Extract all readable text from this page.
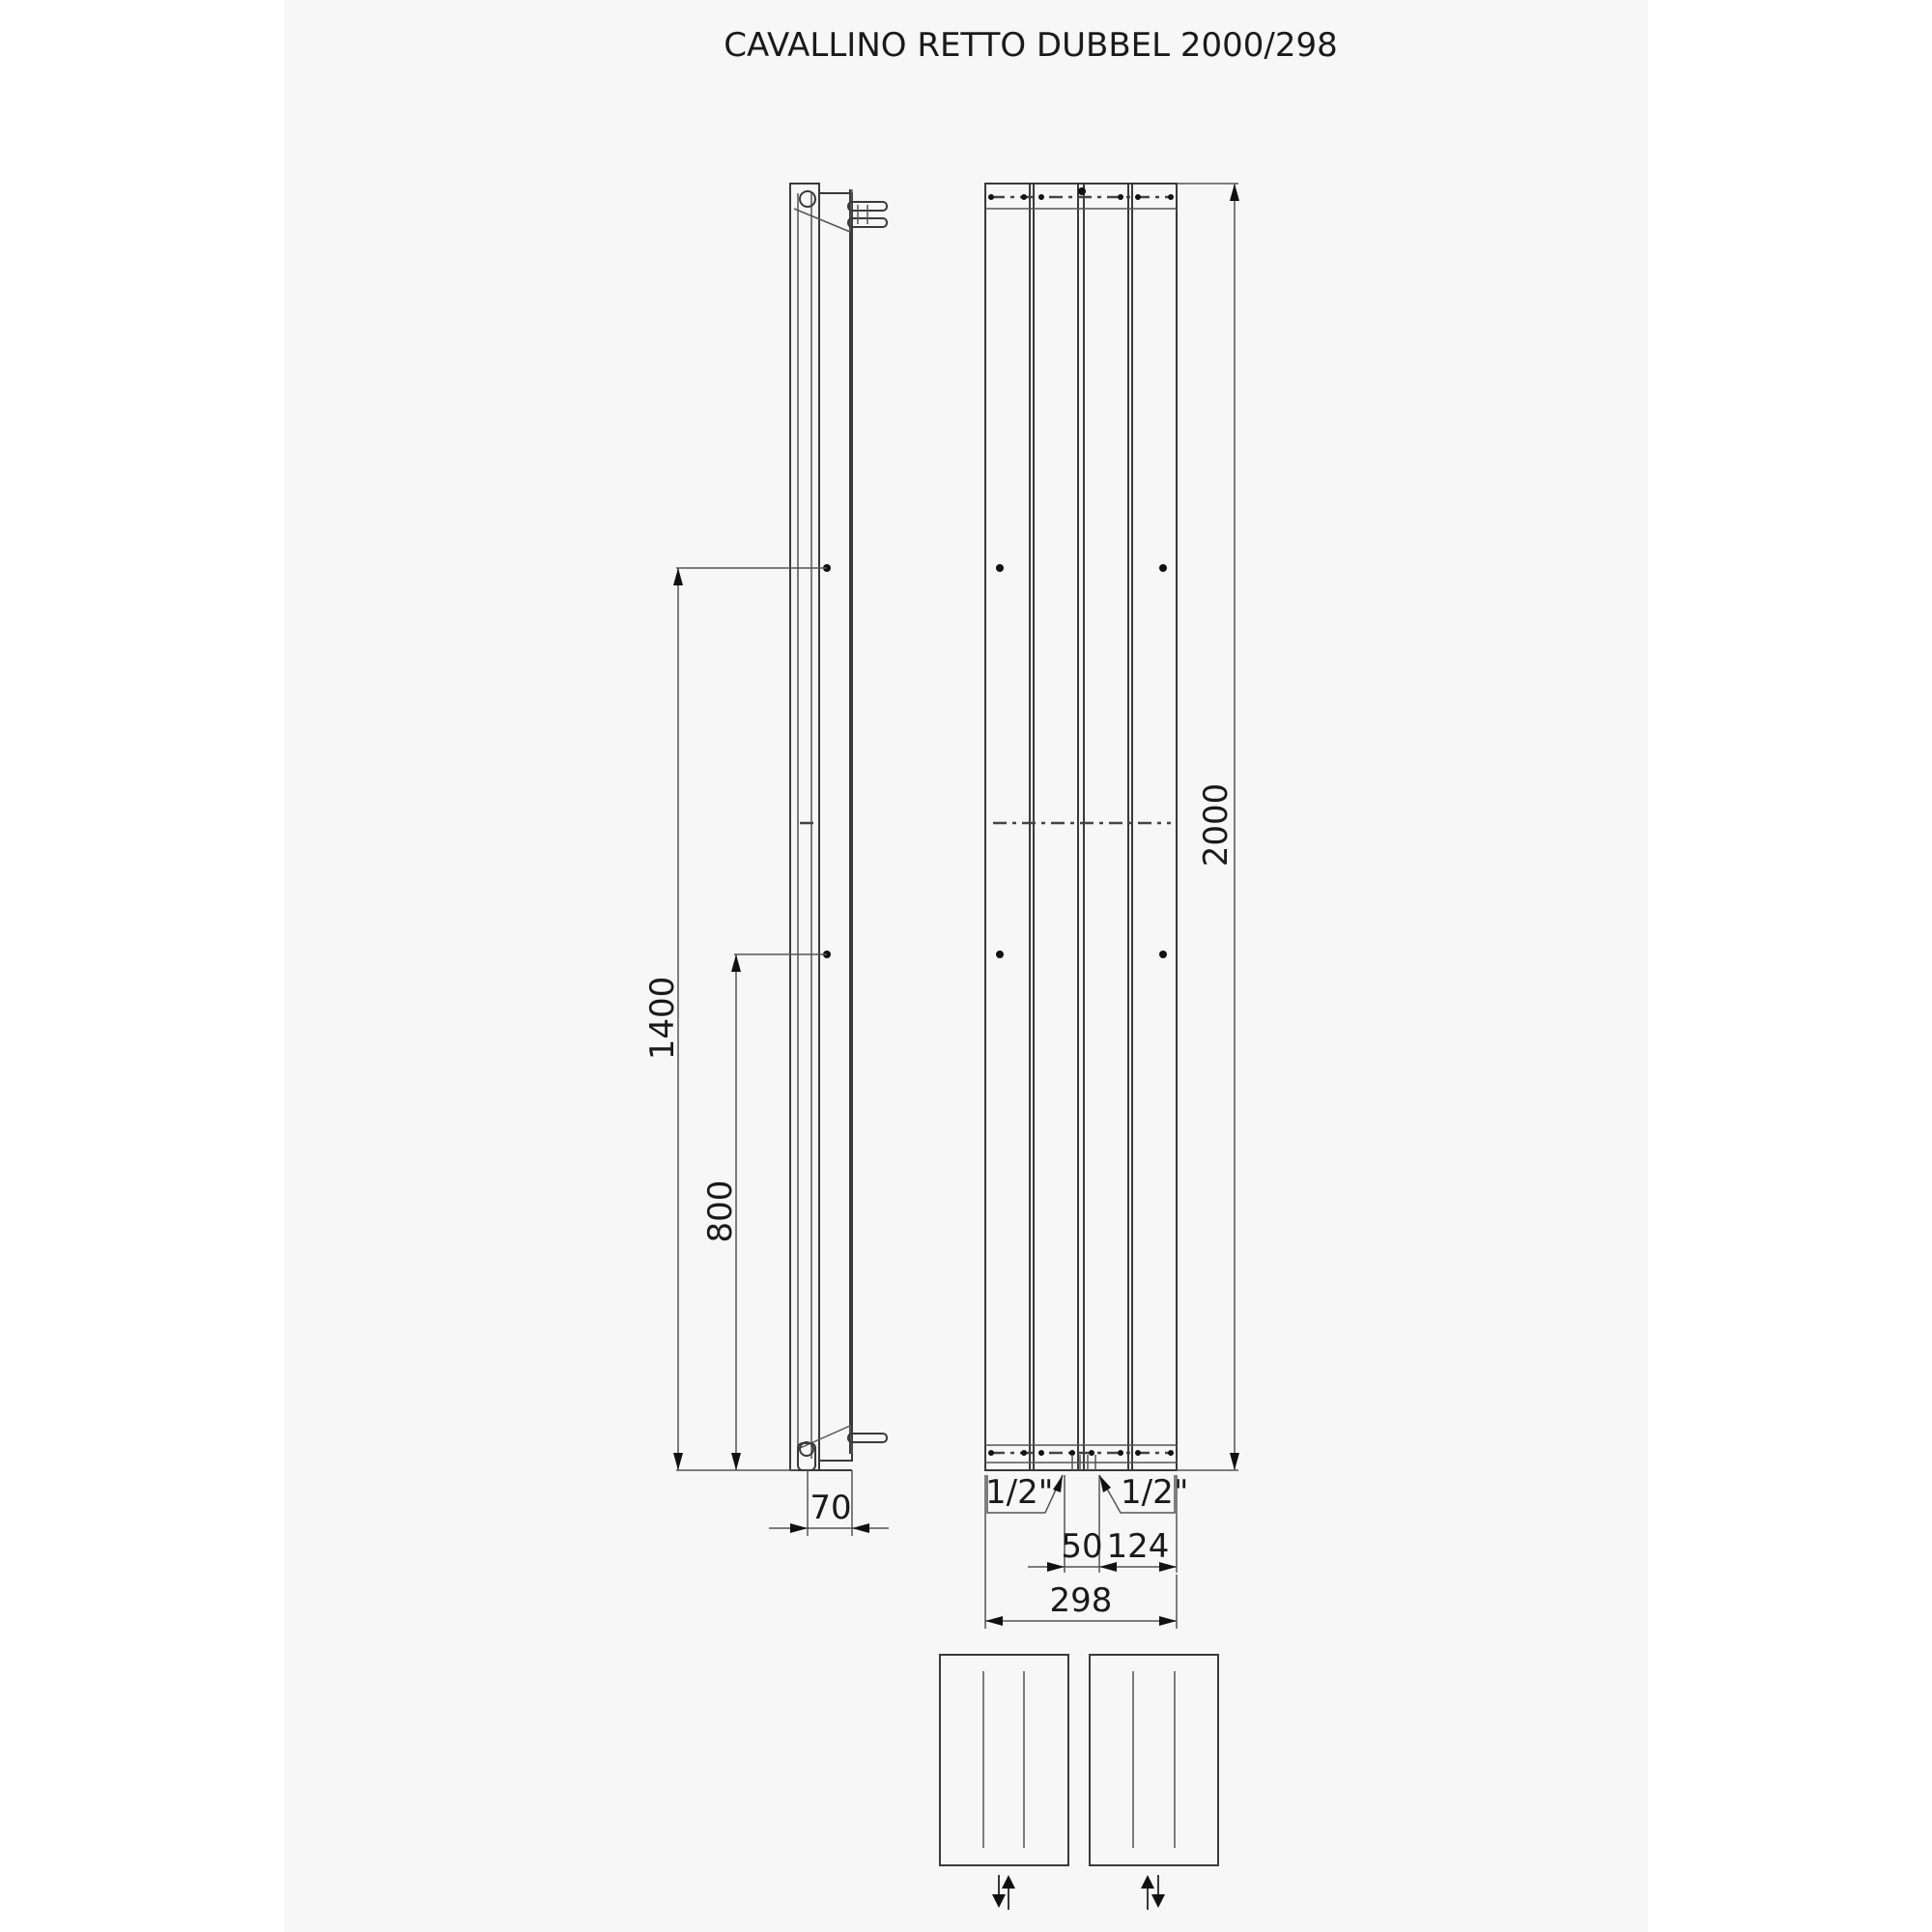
CAVALLINO RETTO DUBBEL 2000/298
1400
800
70
2000
1/2" 1/2"
50 124
298
